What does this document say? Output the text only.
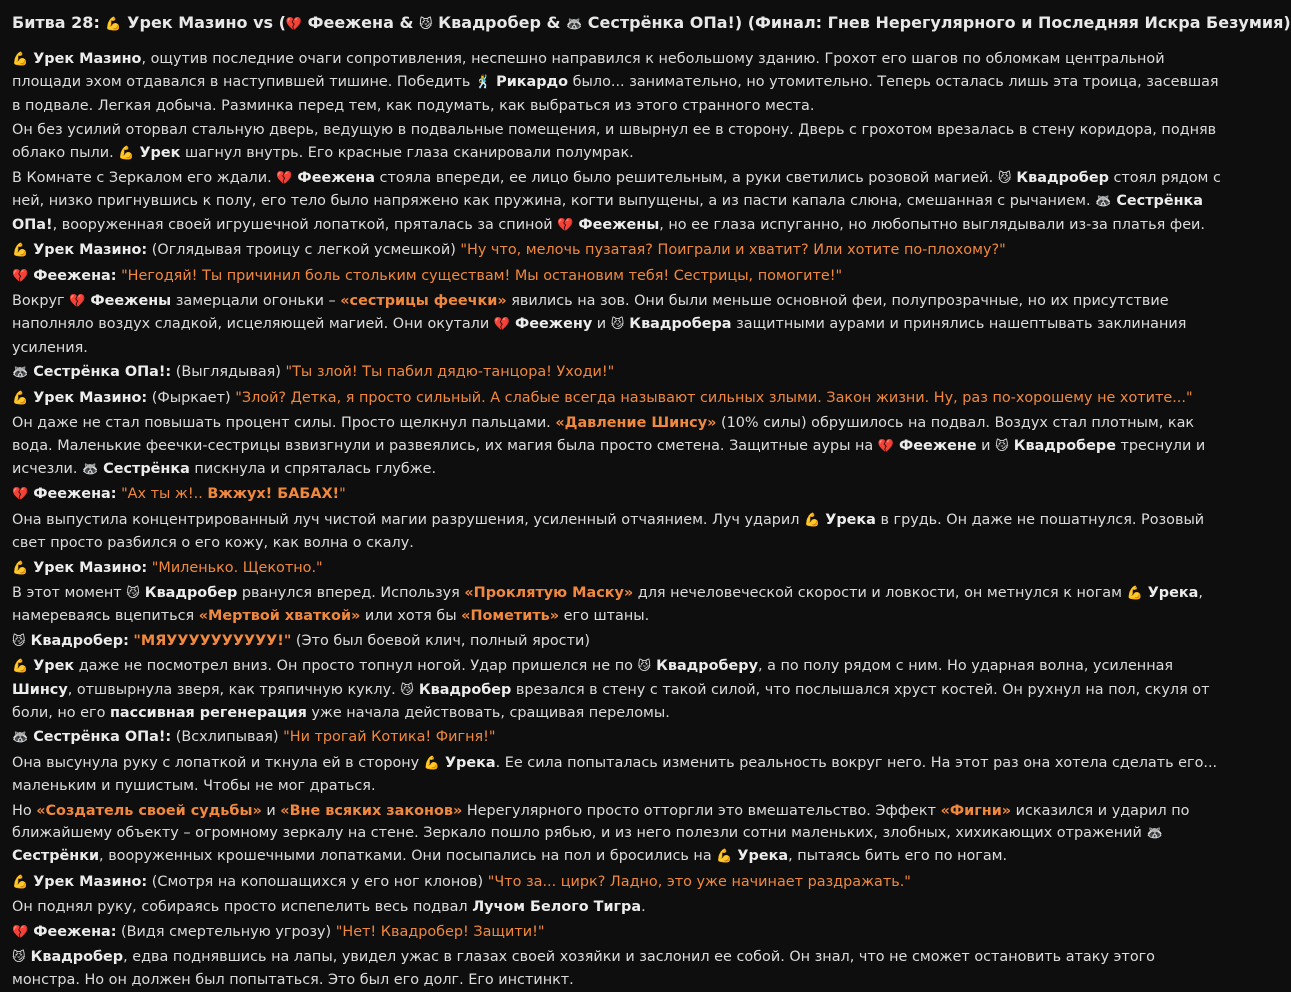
Битва 28: 💪 Урек Мазино vs (💔 Феежена & 😼 Квадробер & 🦝 Сестрёнка ОПа!) (Финал: Гнев Нерегулярного и Последняя Искра Безумия)
💪 Урек Мазино, ощутив последние очаги сопротивления, неспешно направился к небольшому зданию. Грохот его шагов по обломкам центральной площади эхом отдавался в наступившей тишине. Победить 🕺 Рикардо было... занимательно, но утомительно. Теперь осталась лишь эта троица, засевшая в подвале. Легкая добыча. Разминка перед тем, как подумать, как выбраться из этого странного места.
Он без усилий оторвал стальную дверь, ведущую в подвальные помещения, и швырнул ее в сторону. Дверь с грохотом врезалась в стену коридора, подняв облако пыли. 💪 Урек шагнул внутрь. Его красные глаза сканировали полумрак.
В Комнате с Зеркалом его ждали. 💔 Феежена стояла впереди, ее лицо было решительным, а руки светились розовой магией. 😼 Квадробер стоял рядом с ней, низко пригнувшись к полу, его тело было напряжено как пружина, когти выпущены, а из пасти капала слюна, смешанная с рычанием. 🦝 Сестрёнка ОПа!, вооруженная своей игрушечной лопаткой, пряталась за спиной 💔 Феежены, но ее глаза испуганно, но любопытно выглядывали из-за платья феи.
💪 Урек Мазино: (Оглядывая троицу с легкой усмешкой) "Ну что, мелочь пузатая? Поиграли и хватит? Или хотите по-плохому?"
💔 Феежена: "Негодяй! Ты причинил боль стольким существам! Мы остановим тебя! Сестрицы, помогите!"
Вокруг 💔 Феежены замерцали огоньки – «сестрицы феечки» явились на зов. Они были меньше основной феи, полупрозрачные, но их присутствие наполняло воздух сладкой, исцеляющей магией. Они окутали 💔 Феежену и 😼 Квадробера защитными аурами и принялись нашептывать заклинания усиления.
🦝 Сестрёнка ОПа!: (Выглядывая) "Ты злой! Ты пабил дядю-танцора! Уходи!"
💪 Урек Мазино: (Фыркает) "Злой? Детка, я просто сильный. А слабые всегда называют сильных злыми. Закон жизни. Ну, раз по-хорошему не хотите..."
Он даже не стал повышать процент силы. Просто щелкнул пальцами. «Давление Шинсу» (10% силы) обрушилось на подвал. Воздух стал плотным, как вода. Маленькие феечки-сестрицы взвизгнули и развеялись, их магия была просто сметена. Защитные ауры на 💔 Феежене и 😼 Квадробере треснули и исчезли. 🦝 Сестрёнка пискнула и спряталась глубже.
💔 Феежена: "Ах ты ж!.. Вжжух! БАБАХ!"
Она выпустила концентрированный луч чистой магии разрушения, усиленный отчаянием. Луч ударил 💪 Урека в грудь. Он даже не пошатнулся. Розовый свет просто разбился о его кожу, как волна о скалу.
💪 Урек Мазино: "Миленько. Щекотно."
В этот момент 😼 Квадробер рванулся вперед. Используя «Проклятую Маску» для нечеловеческой скорости и ловкости, он метнулся к ногам 💪 Урека, намереваясь вцепиться «Мертвой хваткой» или хотя бы «Пометить» его штаны.
😼 Квадробер: "МЯУУУУУУУУУУ!" (Это был боевой клич, полный ярости)
💪 Урек даже не посмотрел вниз. Он просто топнул ногой. Удар пришелся не по 😼 Квадроберу, а по полу рядом с ним. Но ударная волна, усиленная Шинсу, отшвырнула зверя, как тряпичную куклу. 😼 Квадробер врезался в стену с такой силой, что послышался хруст костей. Он рухнул на пол, скуля от боли, но его пассивная регенерация уже начала действовать, сращивая переломы.
🦝 Сестрёнка ОПа!: (Всхлипывая) "Ни трогай Котика! Фигня!"
Она высунула руку с лопаткой и ткнула ей в сторону 💪 Урека. Ее сила попыталась изменить реальность вокруг него. На этот раз она хотела сделать его... маленьким и пушистым. Чтобы не мог драться.
Но «Создатель своей судьбы» и «Вне всяких законов» Нерегулярного просто отторгли это вмешательство. Эффект «Фигни» исказился и ударил по ближайшему объекту – огромному зеркалу на стене. Зеркало пошло рябью, и из него полезли сотни маленьких, злобных, хихикающих отражений 🦝 Сестрёнки, вооруженных крошечными лопатками. Они посыпались на пол и бросились на 💪 Урека, пытаясь бить его по ногам.
💪 Урек Мазино: (Смотря на копошащихся у его ног клонов) "Что за... цирк? Ладно, это уже начинает раздражать."
Он поднял руку, собираясь просто испепелить весь подвал Лучом Белого Тигра.
💔 Феежена: (Видя смертельную угрозу) "Нет! Квадробер! Защити!"
😼 Квадробер, едва поднявшись на лапы, увидел ужас в глазах своей хозяйки и заслонил ее собой. Он знал, что не сможет остановить атаку этого монстра. Но он должен был попытаться. Это был его долг. Его инстинкт.
